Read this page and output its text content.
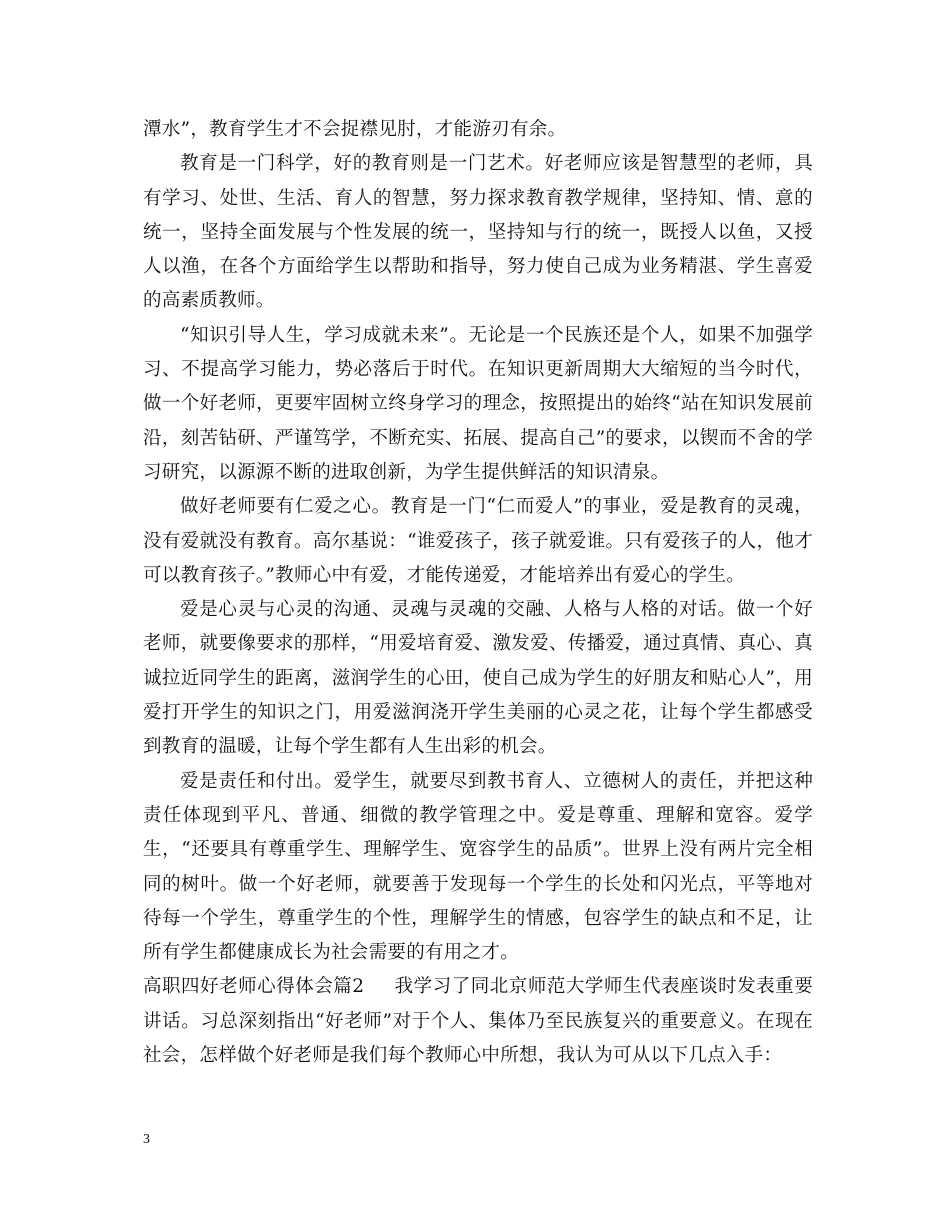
潭水”，教育学生才不会捉襟见肘，才能游刃有余。

教育是一门科学，好的教育则是一门艺术。好老师应该是智慧型的老师，具有学习、处世、生活、育人的智慧，努力探求教育教学规律，坚持知、情、意的统一，坚持全面发展与个性发展的统一，坚持知与行的统一，既授人以鱼，又授人以渔，在各个方面给学生以帮助和指导，努力使自己成为业务精湛、学生喜爱的高素质教师。

“知识引导人生，学习成就未来”。无论是一个民族还是个人，如果不加强学习、不提高学习能力，势必落后于时代。在知识更新周期大大缩短的当今时代，做一个好老师，更要牢固树立终身学习的理念，按照提出的始终“站在知识发展前沿，刻苦钻研、严谨笃学，不断充实、拓展、提高自己”的要求，以锲而不舍的学习研究，以源源不断的进取创新，为学生提供鲜活的知识清泉。

做好老师要有仁爱之心。教育是一门“仁而爱人”的事业，爱是教育的灵魂，没有爱就没有教育。高尔基说：“谁爱孩子，孩子就爱谁。只有爱孩子的人，他才可以教育孩子。”教师心中有爱，才能传递爱，才能培养出有爱心的学生。

爱是心灵与心灵的沟通、灵魂与灵魂的交融、人格与人格的对话。做一个好老师，就要像要求的那样，“用爱培育爱、激发爱、传播爱，通过真情、真心、真诚拉近同学生的距离，滋润学生的心田，使自己成为学生的好朋友和贴心人”，用爱打开学生的知识之门，用爱滋润浇开学生美丽的心灵之花，让每个学生都感受到教育的温暖，让每个学生都有人生出彩的机会。

爱是责任和付出。爱学生，就要尽到教书育人、立德树人的责任，并把这种责任体现到平凡、普通、细微的教学管理之中。爱是尊重、理解和宽容。爱学生，“还要具有尊重学生、理解学生、宽容学生的品质”。世界上没有两片完全相同的树叶。做一个好老师，就要善于发现每一个学生的长处和闪光点，平等地对待每一个学生，尊重学生的个性，理解学生的情感，包容学生的缺点和不足，让所有学生都健康成长为社会需要的有用之才。

高职四好老师心得体会篇2 我学习了同北京师范大学师生代表座谈时发表重要讲话。习总深刻指出“好老师”对于个人、集体乃至民族复兴的重要意义。在现在社会，怎样做个好老师是我们每个教师心中所想，我认为可从以下几点入手：

3
